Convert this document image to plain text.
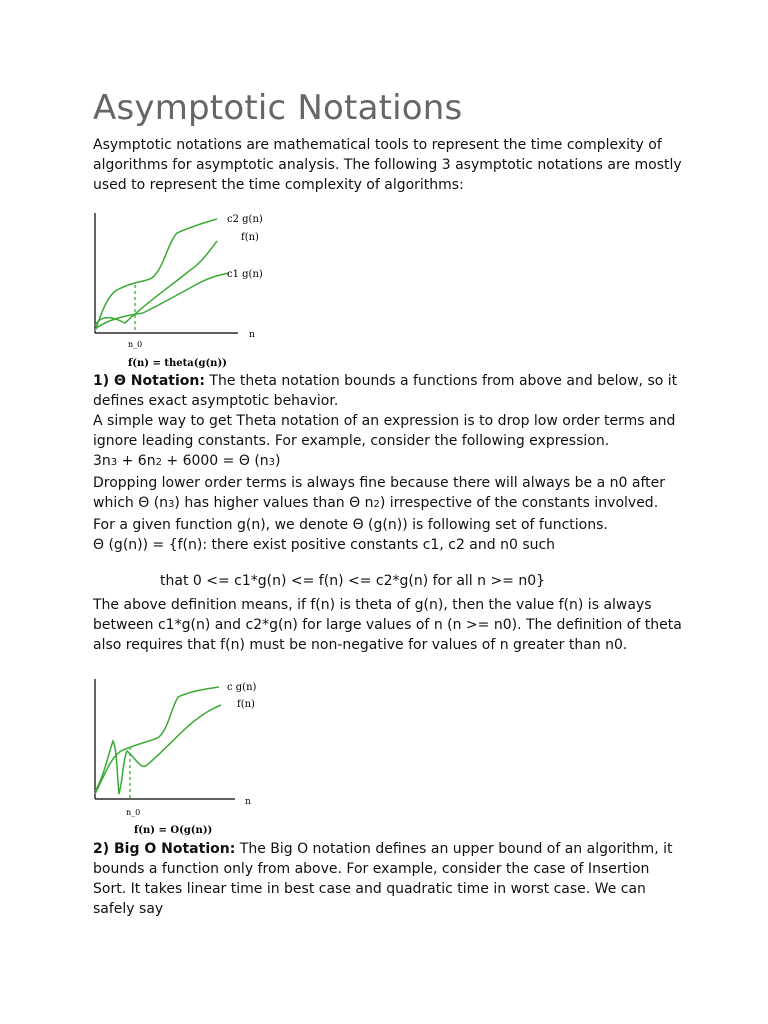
Asymptotic Notations

Asymptotic notations are mathematical tools to represent the time complexity of algorithms for asymptotic analysis. The following 3 asymptotic notations are mostly used to represent the time complexity of algorithms:

c2 g(n)
f(n)
c1 g(n)
n
n_0
f(n) = theta(g(n))

1) Θ Notation: The theta notation bounds a functions from above and below, so it defines exact asymptotic behavior.

A simple way to get Theta notation of an expression is to drop low order terms and ignore leading constants. For example, consider the following expression.

3n3 + 6n2 + 6000 = Θ (n3)

Dropping lower order terms is always fine because there will always be a n0 after which Θ (n3) has higher values than Θ n2) irrespective of the constants involved.

For a given function g(n), we denote Θ (g(n)) is following set of functions.

Θ (g(n)) = {f(n): there exist positive constants c1, c2 and n0 such

that 0 <= c1*g(n) <= f(n) <= c2*g(n) for all n >= n0}

The above definition means, if f(n) is theta of g(n), then the value f(n) is always between c1*g(n) and c2*g(n) for large values of n (n >= n0). The definition of theta also requires that f(n) must be non-negative for values of n greater than n0.

c g(n)
f(n)
n
n_0
f(n) = O(g(n))

2) Big O Notation: The Big O notation defines an upper bound of an algorithm, it bounds a function only from above. For example, consider the case of Insertion Sort. It takes linear time in best case and quadratic time in worst case. We can safely say
